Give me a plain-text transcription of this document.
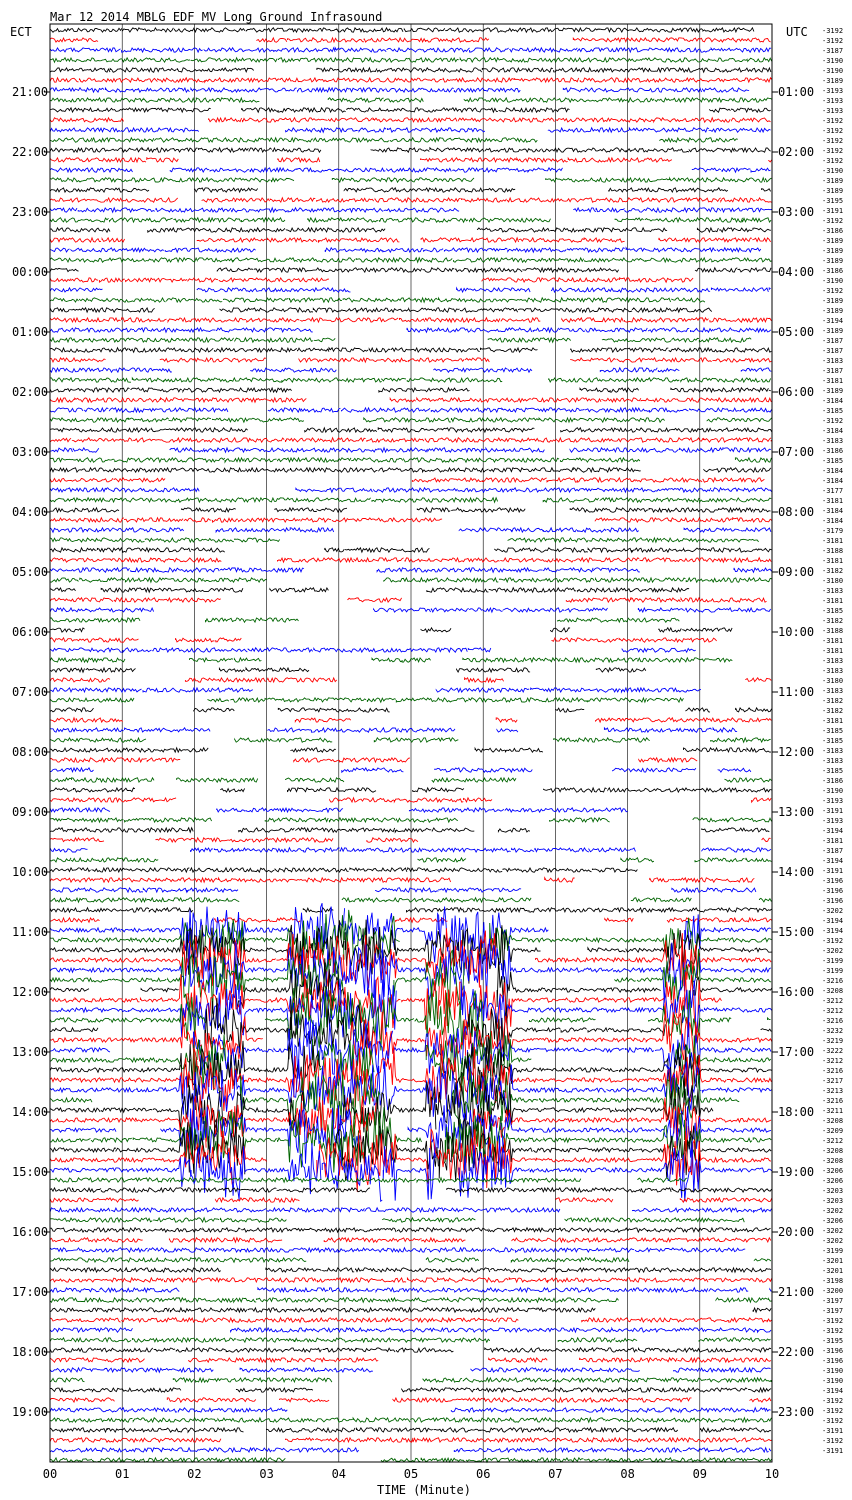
Mar 12 2014 MBLG EDF MV Long Ground Infrasound
ECT	UTC
21:00
22:00
23:00
00:00
01:00
02:00
03:00
04:00
05:00
06:00
07:00
08:00
09:00
10:00
11:00
12:00
13:00
14:00
15:00
16:00
17:00
18:00
19:00
01:00
02:00
03:00
04:00
05:00
06:00
07:00
08:00
09:00
10:00
11:00
12:00
13:00
14:00
15:00
16:00
17:00
18:00
19:00
20:00
21:00
22:00
23:00
-3192
-3192
-3187
-3190
-3190
-3189
-3193
-3193
-3193
-3192
-3192
-3192
-3192
-3192
-3190
-3189
-3189
-3195
-3191
-3192
-3186
-3189
-3189
-3189
-3186
-3190
-3192
-3189
-3189
-3194
-3189
-3187
-3187
-3183
-3187
-3181
-3189
-3184
-3185
-3192
-3184
-3183
-3186
-3185
-3184
-3184
-3177
-3181
-3184
-3184
-3179
-3181
-3188
-3181
-3182
-3180
-3183
-3181
-3185
-3182
-3188
-3181
-3181
-3183
-3183
-3180
-3183
-3182
-3182
-3181
-3185
-3185
-3183
-3183
-3185
-3186
-3190
-3193
-3191
-3193
-3194
-3181
-3187
-3194
-3191
-3196
-3196
-3196
-3202
-3194
-3194
-3192
-3202
-3199
-3199
-3216
-3208
-3212
-3212
-3216
-3232
-3219
-3222
-3212
-3216
-3217
-3213
-3216
-3211
-3208
-3209
-3212
-3208
-3208
-3206
-3206
-3203
-3203
-3202
-3206
-3202
-3202
-3199
-3201
-3201
-3198
-3200
-3197
-3197
-3192
-3192
-3195
-3196
-3196
-3190
-3190
-3194
-3192
-3192
-3192
-3191
-3192
-3191
00	01	02	03	04	05	06	07	08	09	10
TIME (Minute)
